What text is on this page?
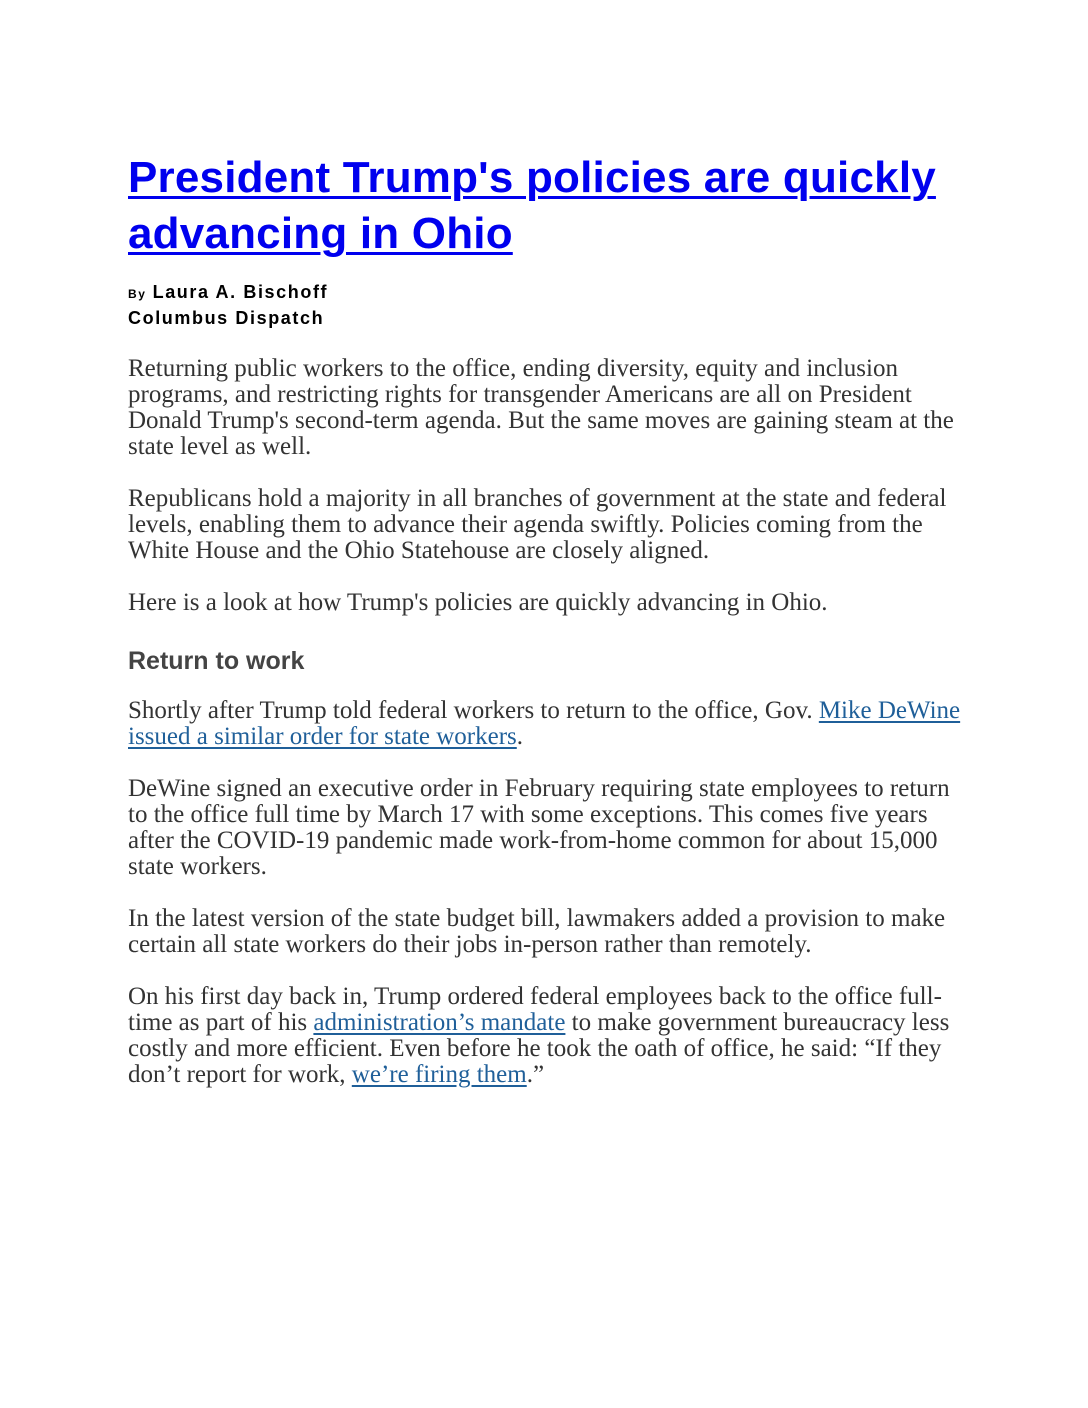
President Trump's policies are quickly advancing in Ohio
By Laura A. Bischoff
Columbus Dispatch

Returning public workers to the office, ending diversity, equity and inclusion programs, and restricting rights for transgender Americans are all on President Donald Trump's second-term agenda. But the same moves are gaining steam at the state level as well.

Republicans hold a majority in all branches of government at the state and federal levels, enabling them to advance their agenda swiftly. Policies coming from the White House and the Ohio Statehouse are closely aligned.

Here is a look at how Trump's policies are quickly advancing in Ohio.

Return to work

Shortly after Trump told federal workers to return to the office, Gov. Mike DeWine issued a similar order for state workers.

DeWine signed an executive order in February requiring state employees to return to the office full time by March 17 with some exceptions. This comes five years after the COVID-19 pandemic made work-from-home common for about 15,000 state workers.

In the latest version of the state budget bill, lawmakers added a provision to make certain all state workers do their jobs in-person rather than remotely.

On his first day back in, Trump ordered federal employees back to the office full-time as part of his administration’s mandate to make government bureaucracy less costly and more efficient. Even before he took the oath of office, he said: “If they don’t report for work, we’re firing them.”
